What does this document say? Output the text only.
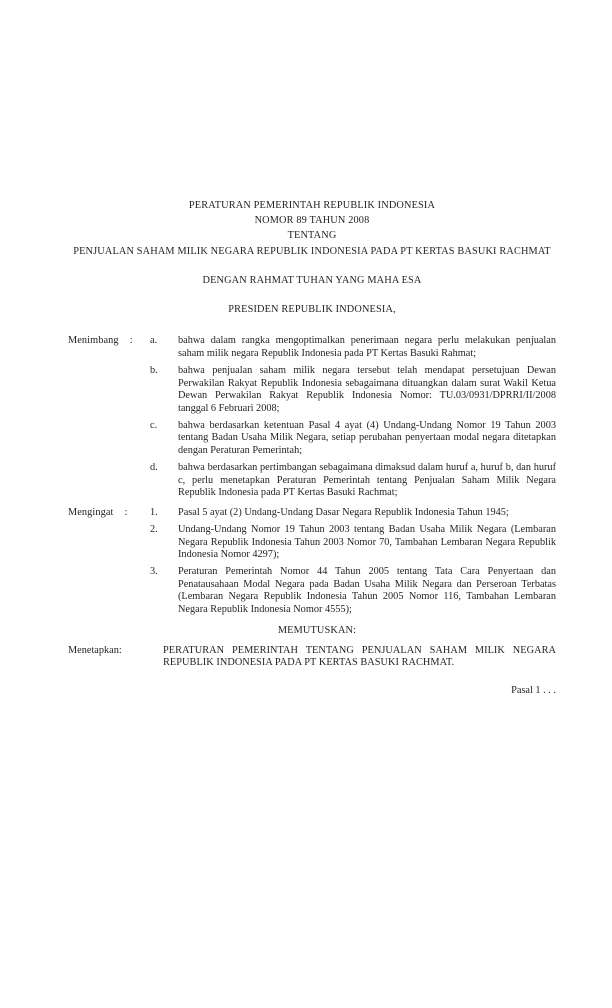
PERATURAN PEMERINTAH REPUBLIK INDONESIA
NOMOR 89 TAHUN 2008
TENTANG
PENJUALAN SAHAM MILIK NEGARA REPUBLIK INDONESIA PADA PT KERTAS BASUKI RACHMAT
DENGAN RAHMAT TUHAN YANG MAHA ESA
PRESIDEN REPUBLIK INDONESIA,
Menimbang :	a.	bahwa dalam rangka mengoptimalkan penerimaan negara perlu melakukan penjualan saham milik negara Republik Indonesia pada PT Kertas Basuki Rahmat;
b.	bahwa penjualan saham milik negara tersebut telah mendapat persetujuan Dewan Perwakilan Rakyat Republik Indonesia sebagaimana dituangkan dalam surat Wakil Ketua Dewan Perwakilan Rakyat Republik Indonesia Nomor: TU.03/0931/DPRRI/II/2008 tanggal 6 Februari 2008;
c.	bahwa berdasarkan ketentuan Pasal 4 ayat (4) Undang-Undang Nomor 19 Tahun 2003 tentang Badan Usaha Milik Negara, setiap perubahan penyertaan modal negara ditetapkan dengan Peraturan Pemerintah;
d.	bahwa berdasarkan pertimbangan sebagaimana dimaksud dalam huruf a, huruf b, dan huruf c, perlu menetapkan Peraturan Pemerintah tentang Penjualan Saham Milik Negara Republik Indonesia pada PT Kertas Basuki Rachmat;
Mengingat :	1.	Pasal 5 ayat (2) Undang-Undang Dasar Negara Republik Indonesia Tahun 1945;
2.	Undang-Undang Nomor 19 Tahun 2003 tentang Badan Usaha Milik Negara (Lembaran Negara Republik Indonesia Tahun 2003 Nomor 70, Tambahan Lembaran Negara Republik Indonesia Nomor 4297);
3.	Peraturan Pemerintah Nomor 44 Tahun 2005 tentang Tata Cara Penyertaan dan Penatausahaan Modal Negara pada Badan Usaha Milik Negara dan Perseroan Terbatas (Lembaran Negara Republik Indonesia Tahun 2005 Nomor 116, Tambahan Lembaran Negara Republik Indonesia Nomor 4555);
MEMUTUSKAN:
Menetapkan:	PERATURAN PEMERINTAH TENTANG PENJUALAN SAHAM MILIK NEGARA REPUBLIK INDONESIA PADA PT KERTAS BASUKI RACHMAT.
Pasal 1 . . .
